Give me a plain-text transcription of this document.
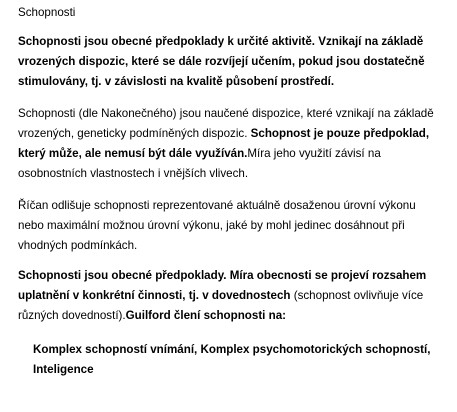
Schopnosti

Schopnosti jsou obecné předpoklady k určité aktivitě. Vznikají na základě vrozených dispozic, které se dále rozvíjejí učením, pokud jsou dostatečně stimulovány, tj. v závislosti na kvalitě působení prostředí.

Schopnosti (dle Nakonečného) jsou naučené dispozice, které vznikají na základě vrozených, geneticky podmíněných dispozic. Schopnost je pouze předpoklad, který může, ale nemusí být dále využíván.Míra jeho využití závisí na osobnostních vlastnostech i vnějších vlivech.

Říčan odlišuje schopnosti reprezentované aktuálně dosaženou úrovní výkonu nebo maximální možnou úrovní výkonu, jaké by mohl jedinec dosáhnout při vhodných podmínkách.

Schopnosti jsou obecné předpoklady. Míra obecnosti se projeví rozsahem uplatnění v konkrétní činnosti, tj. v dovednostech (schopnost ovlivňuje více různých dovedností).Guilford člení schopnosti na:

Komplex schopností vnímání, Komplex psychomotorických schopností, Inteligence
